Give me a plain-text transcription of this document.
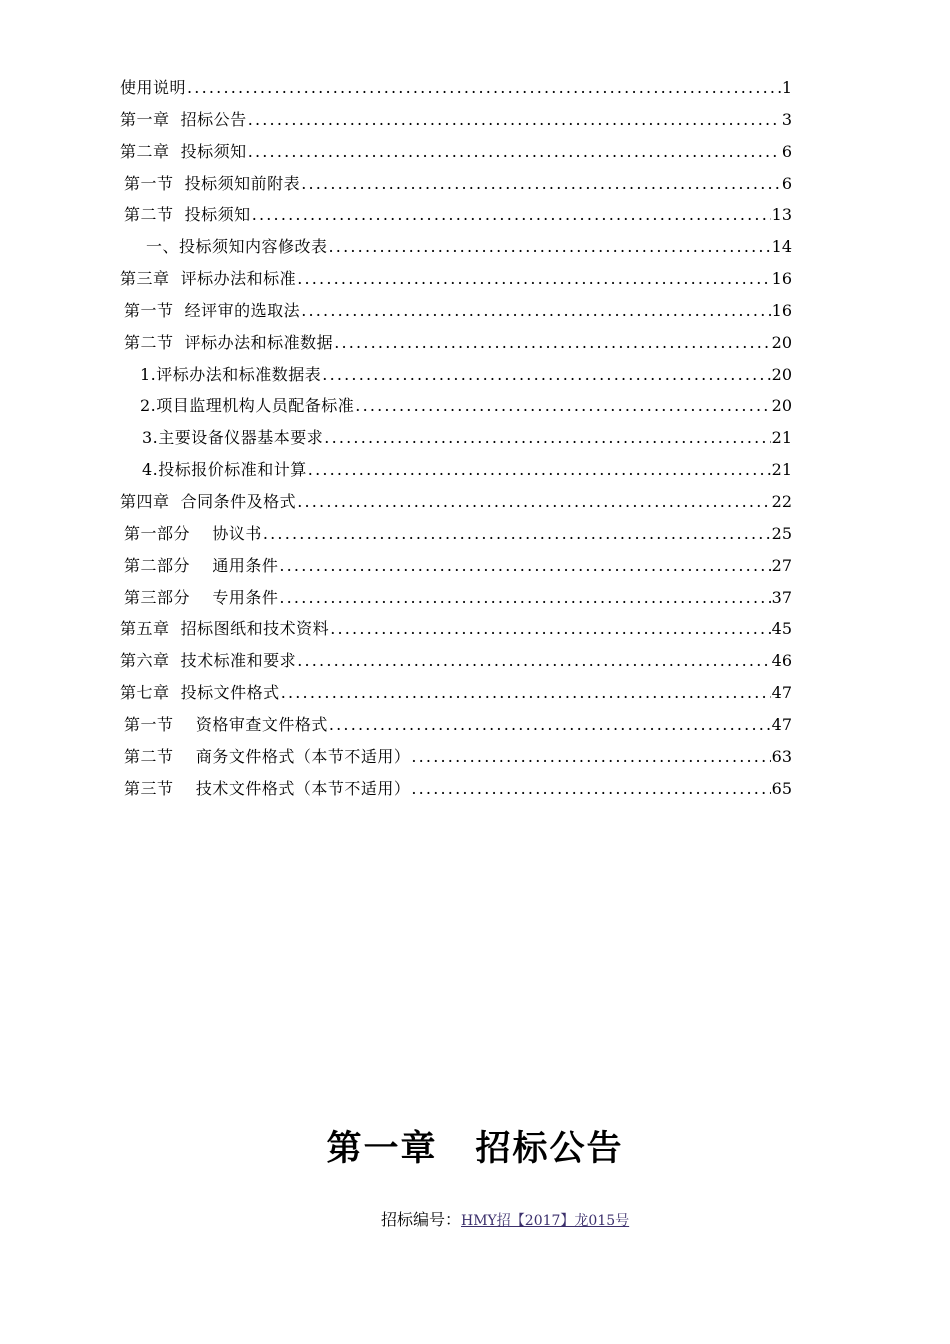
使用说明 .....	1
第一章  招标公告 .....	3
第二章  投标须知 .....	6
第一节  投标须知前附表 .....	6
第二节  投标须知 .....	13
一、投标须知内容修改表 .....	14
第三章  评标办法和标准 .....	16
第一节  经评审的选取法 .....	16
第二节  评标办法和标准数据 .....	20
1.评标办法和标准数据表 .....	20
2.项目监理机构人员配备标准 .....	20
3.主要设备仪器基本要求 .....	21
4.投标报价标准和计算 .....	21
第四章  合同条件及格式 .....	22
第一部分    协议书 .....	25
第二部分    通用条件 .....	27
第三部分    专用条件 .....	37
第五章  招标图纸和技术资料 .....	45
第六章  技术标准和要求 .....	46
第七章  投标文件格式 .....	47
第一节    资格审查文件格式 .....	47
第二节    商务文件格式（本节不适用） .....	63
第三节    技术文件格式（本节不适用） .....	65
第一章 招标公告
招标编号：HMY招【2017】龙015号
